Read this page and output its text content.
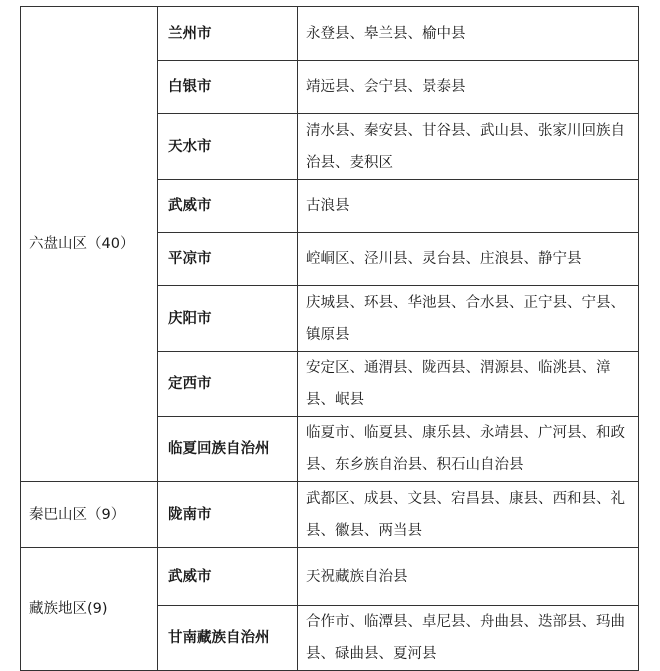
六盘山区（40）	兰州市	永登县、皋兰县、榆中县
	白银市	靖远县、会宁县、景泰县
	天水市	清水县、秦安县、甘谷县、武山县、张家川回族自治县、麦积区
	武威市	古浪县
	平凉市	崆峒区、泾川县、灵台县、庄浪县、静宁县
	庆阳市	庆城县、环县、华池县、合水县、正宁县、宁县、镇原县
	定西市	安定区、通渭县、陇西县、渭源县、临洮县、漳县、岷县
	临夏回族自治州	临夏市、临夏县、康乐县、永靖县、广河县、和政县、东乡族自治县、积石山自治县
秦巴山区（9）	陇南市	武都区、成县、文县、宕昌县、康县、西和县、礼县、徽县、两当县
藏族地区(9)	武威市	天祝藏族自治县
	甘南藏族自治州	合作市、临潭县、卓尼县、舟曲县、迭部县、玛曲县、碌曲县、夏河县
